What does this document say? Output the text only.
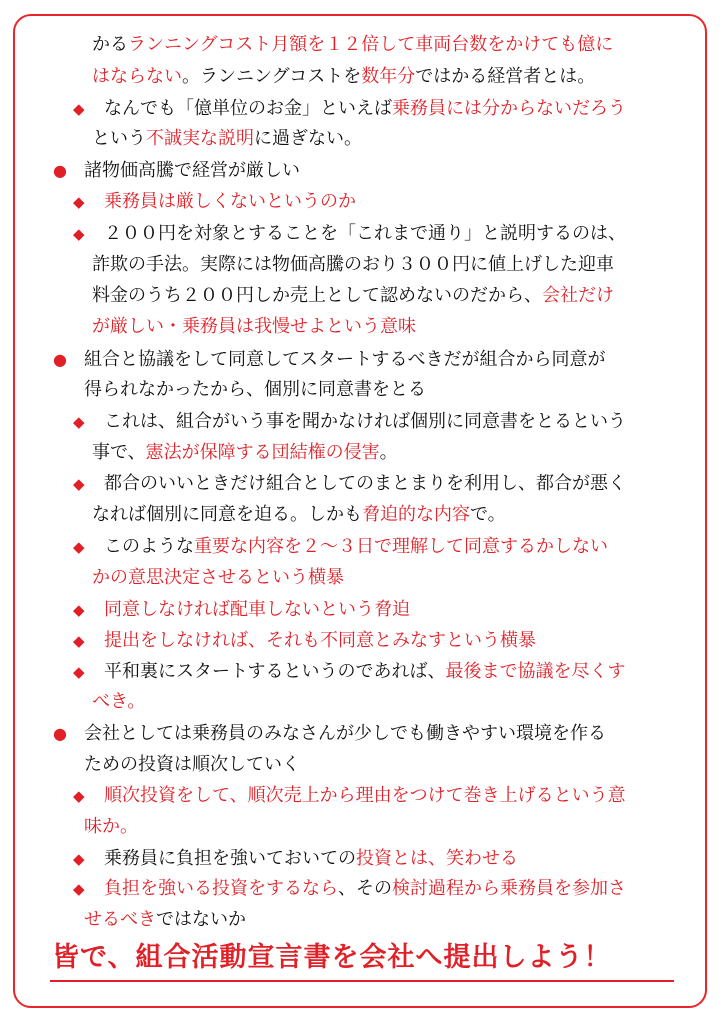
かるランニングコスト月額を１２倍して車両台数をかけても億に
はならない。ランニングコストを数年分ではかる経営者とは。
◆ なんでも「億単位のお金」といえば乗務員には分からないだろう
という不誠実な説明に過ぎない。
● 諸物価高騰で経営が厳しい
◆ 乗務員は厳しくないというのか
◆ ２００円を対象とすることを「これまで通り」と説明するのは、
詐欺の手法。実際には物価高騰のおり３００円に値上げした迎車
料金のうち２００円しか売上として認めないのだから、会社だけ
が厳しい・乗務員は我慢せよという意味
● 組合と協議をして同意してスタートするべきだが組合から同意が
得られなかったから、個別に同意書をとる
◆ これは、組合がいう事を聞かなければ個別に同意書をとるという
事で、憲法が保障する団結権の侵害。
◆ 都合のいいときだけ組合としてのまとまりを利用し、都合が悪く
なれば個別に同意を迫る。しかも脅迫的な内容で。
◆ このような重要な内容を２～３日で理解して同意するかしない
かの意思決定させるという横暴
◆ 同意しなければ配車しないという脅迫
◆ 提出をしなければ、それも不同意とみなすという横暴
◆ 平和裏にスタートするというのであれば、最後まで協議を尽くす
べき。
● 会社としては乗務員のみなさんが少しでも働きやすい環境を作る
ための投資は順次していく
◆ 順次投資をして、順次売上から理由をつけて巻き上げるという意
味か。
◆ 乗務員に負担を強いておいての投資とは、笑わせる
◆ 負担を強いる投資をするなら、その検討過程から乗務員を参加さ
せるべきではないか
皆で、組合活動宣言書を会社へ提出しよう！
